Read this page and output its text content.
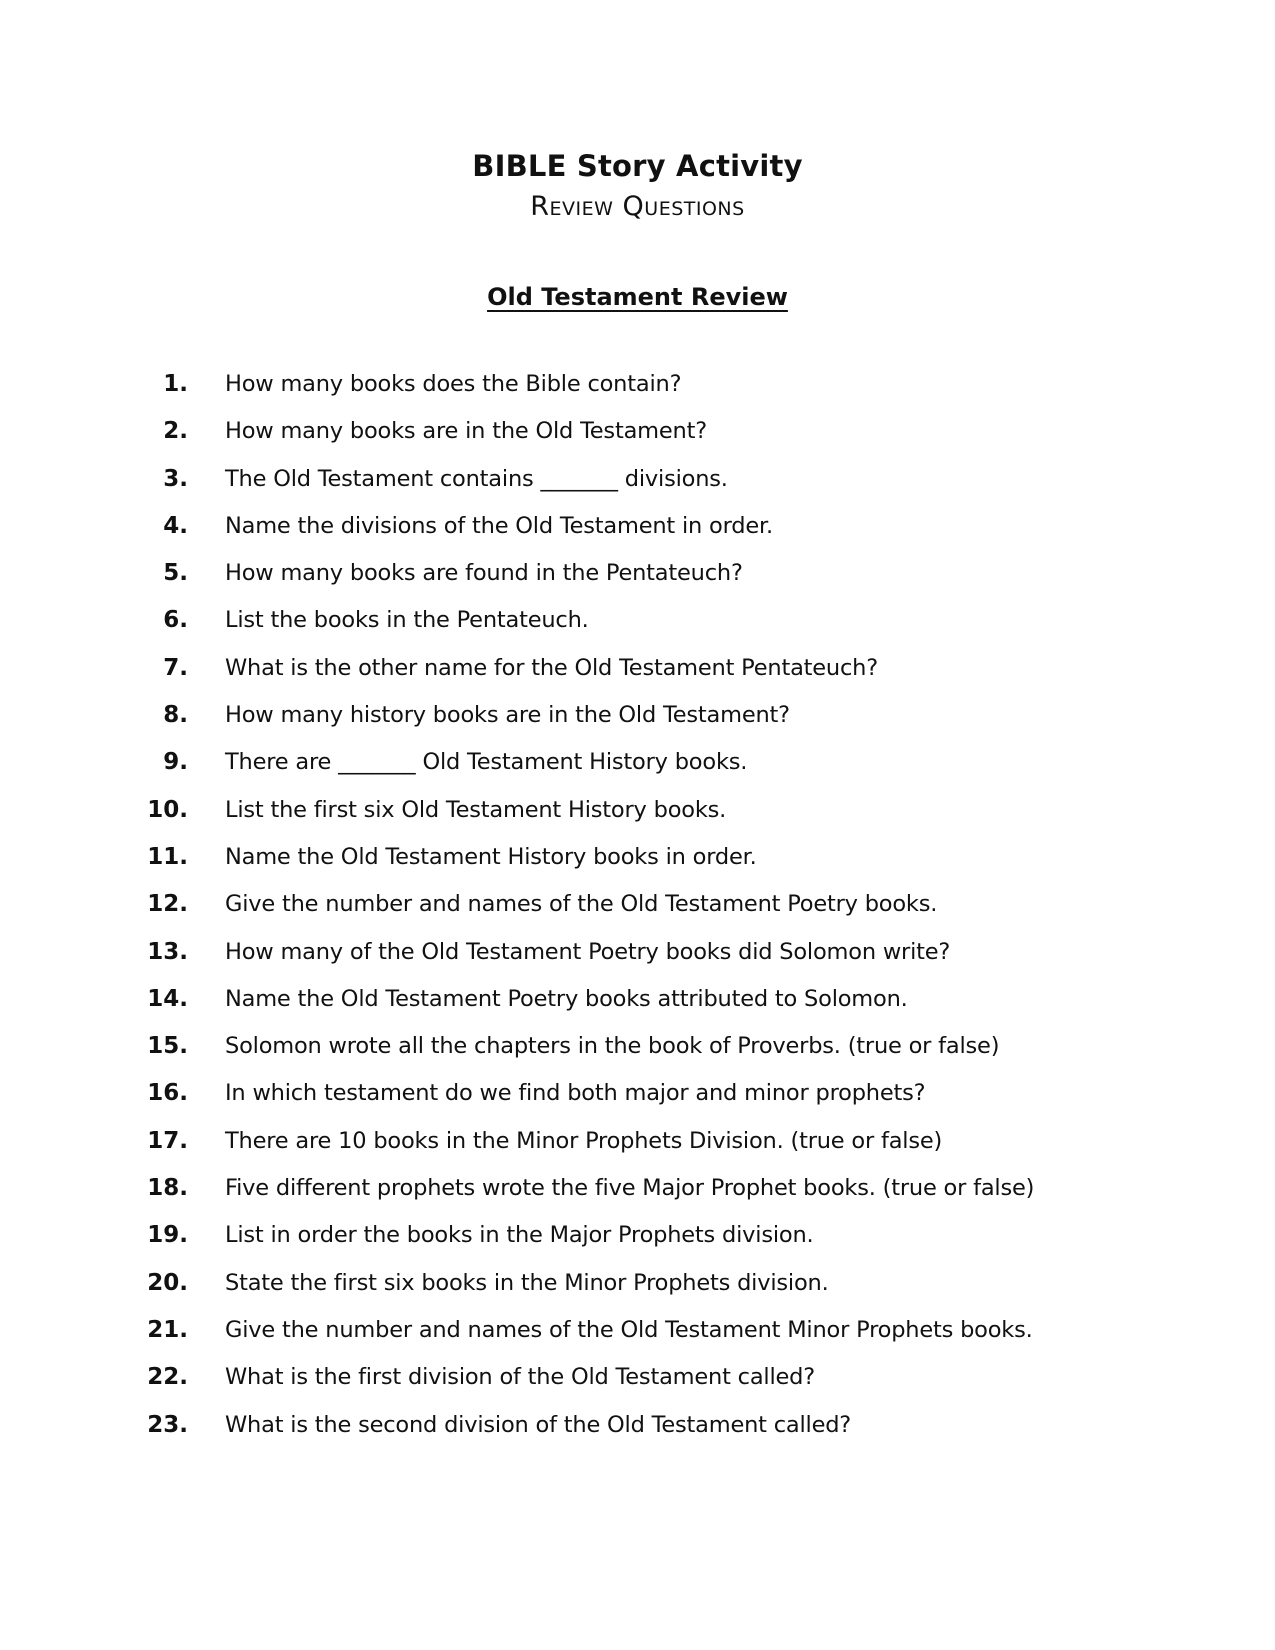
BIBLE Story Activity
Review Questions
Old Testament Review
1. How many books does the Bible contain?
2. How many books are in the Old Testament?
3. The Old Testament contains _______ divisions.
4. Name the divisions of the Old Testament in order.
5. How many books are found in the Pentateuch?
6. List the books in the Pentateuch.
7. What is the other name for the Old Testament Pentateuch?
8. How many history books are in the Old Testament?
9. There are _______ Old Testament History books.
10. List the first six Old Testament History books.
11. Name the Old Testament History books in order.
12. Give the number and names of the Old Testament Poetry books.
13. How many of the Old Testament Poetry books did Solomon write?
14. Name the Old Testament Poetry books attributed to Solomon.
15. Solomon wrote all the chapters in the book of Proverbs. (true or false)
16. In which testament do we find both major and minor prophets?
17. There are 10 books in the Minor Prophets Division. (true or false)
18. Five different prophets wrote the five Major Prophet books. (true or false)
19. List in order the books in the Major Prophets division.
20. State the first six books in the Minor Prophets division.
21. Give the number and names of the Old Testament Minor Prophets books.
22. What is the first division of the Old Testament called?
23. What is the second division of the Old Testament called?
